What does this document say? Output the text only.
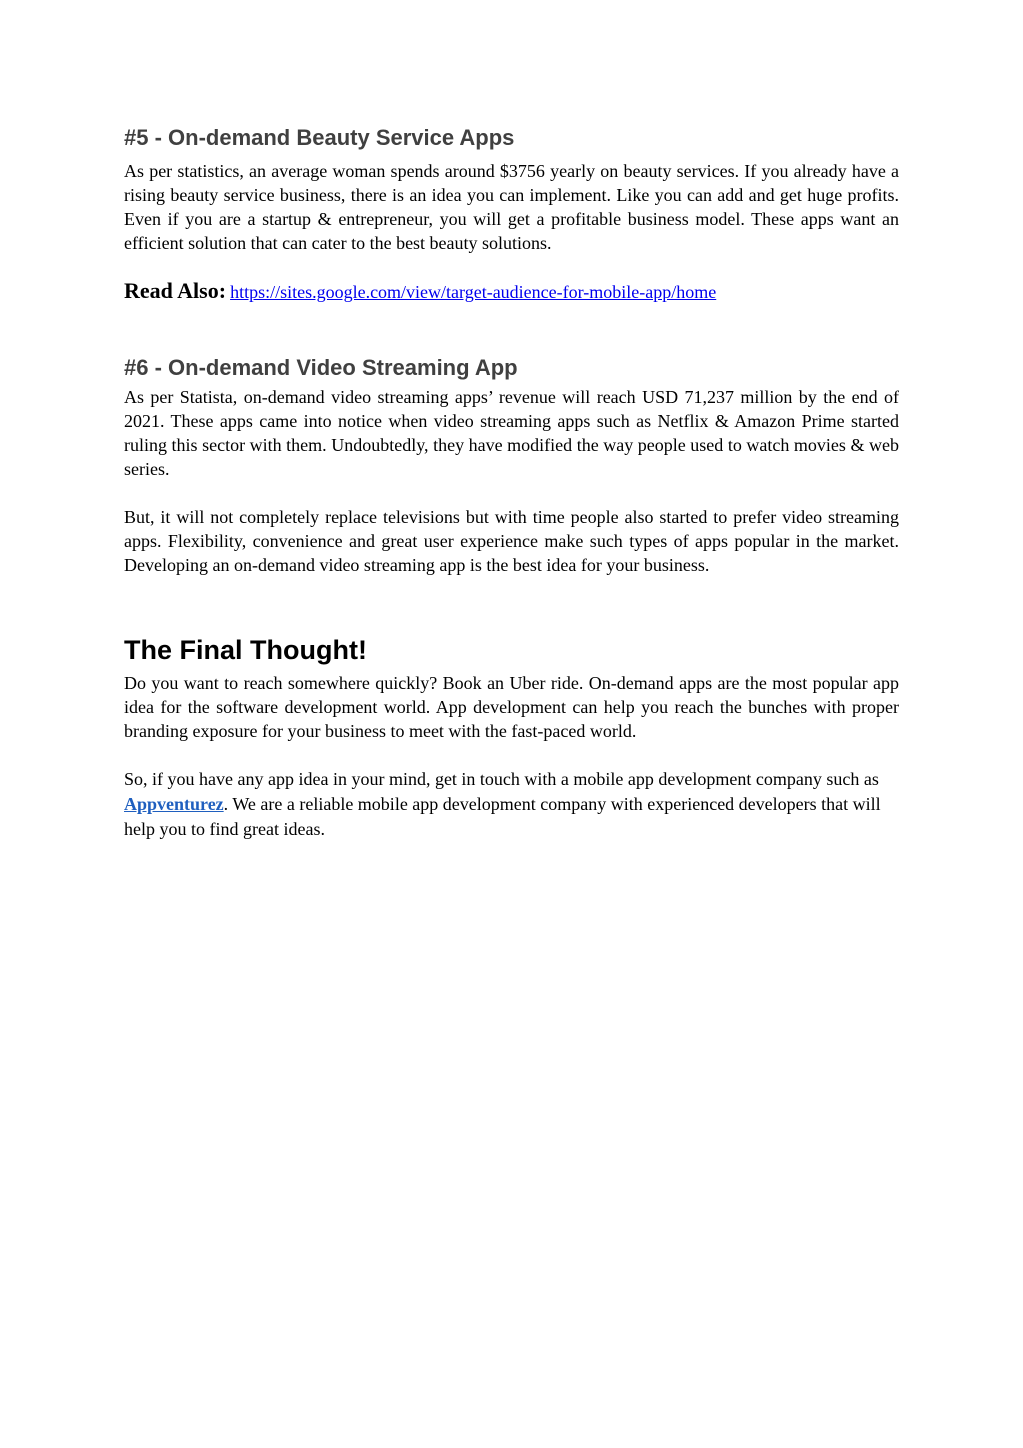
#5 - On-demand Beauty Service Apps

As per statistics, an average woman spends around $3756 yearly on beauty services. If you already have a rising beauty service business, there is an idea you can implement. Like you can add and get huge profits. Even if you are a startup & entrepreneur, you will get a profitable business model. These apps want an efficient solution that can cater to the best beauty solutions.

Read Also: https://sites.google.com/view/target-audience-for-mobile-app/home

#6 - On-demand Video Streaming App

As per Statista, on-demand video streaming apps’ revenue will reach USD 71,237 million by the end of 2021. These apps came into notice when video streaming apps such as Netflix & Amazon Prime started ruling this sector with them. Undoubtedly, they have modified the way people used to watch movies & web series.

But, it will not completely replace televisions but with time people also started to prefer video streaming apps. Flexibility, convenience and great user experience make such types of apps popular in the market. Developing an on-demand video streaming app is the best idea for your business.

The Final Thought!

Do you want to reach somewhere quickly? Book an Uber ride. On-demand apps are the most popular app idea for the software development world. App development can help you reach the bunches with proper branding exposure for your business to meet with the fast-paced world.

So, if you have any app idea in your mind, get in touch with a mobile app development company such as Appventurez. We are a reliable mobile app development company with experienced developers that will help you to find great ideas.
